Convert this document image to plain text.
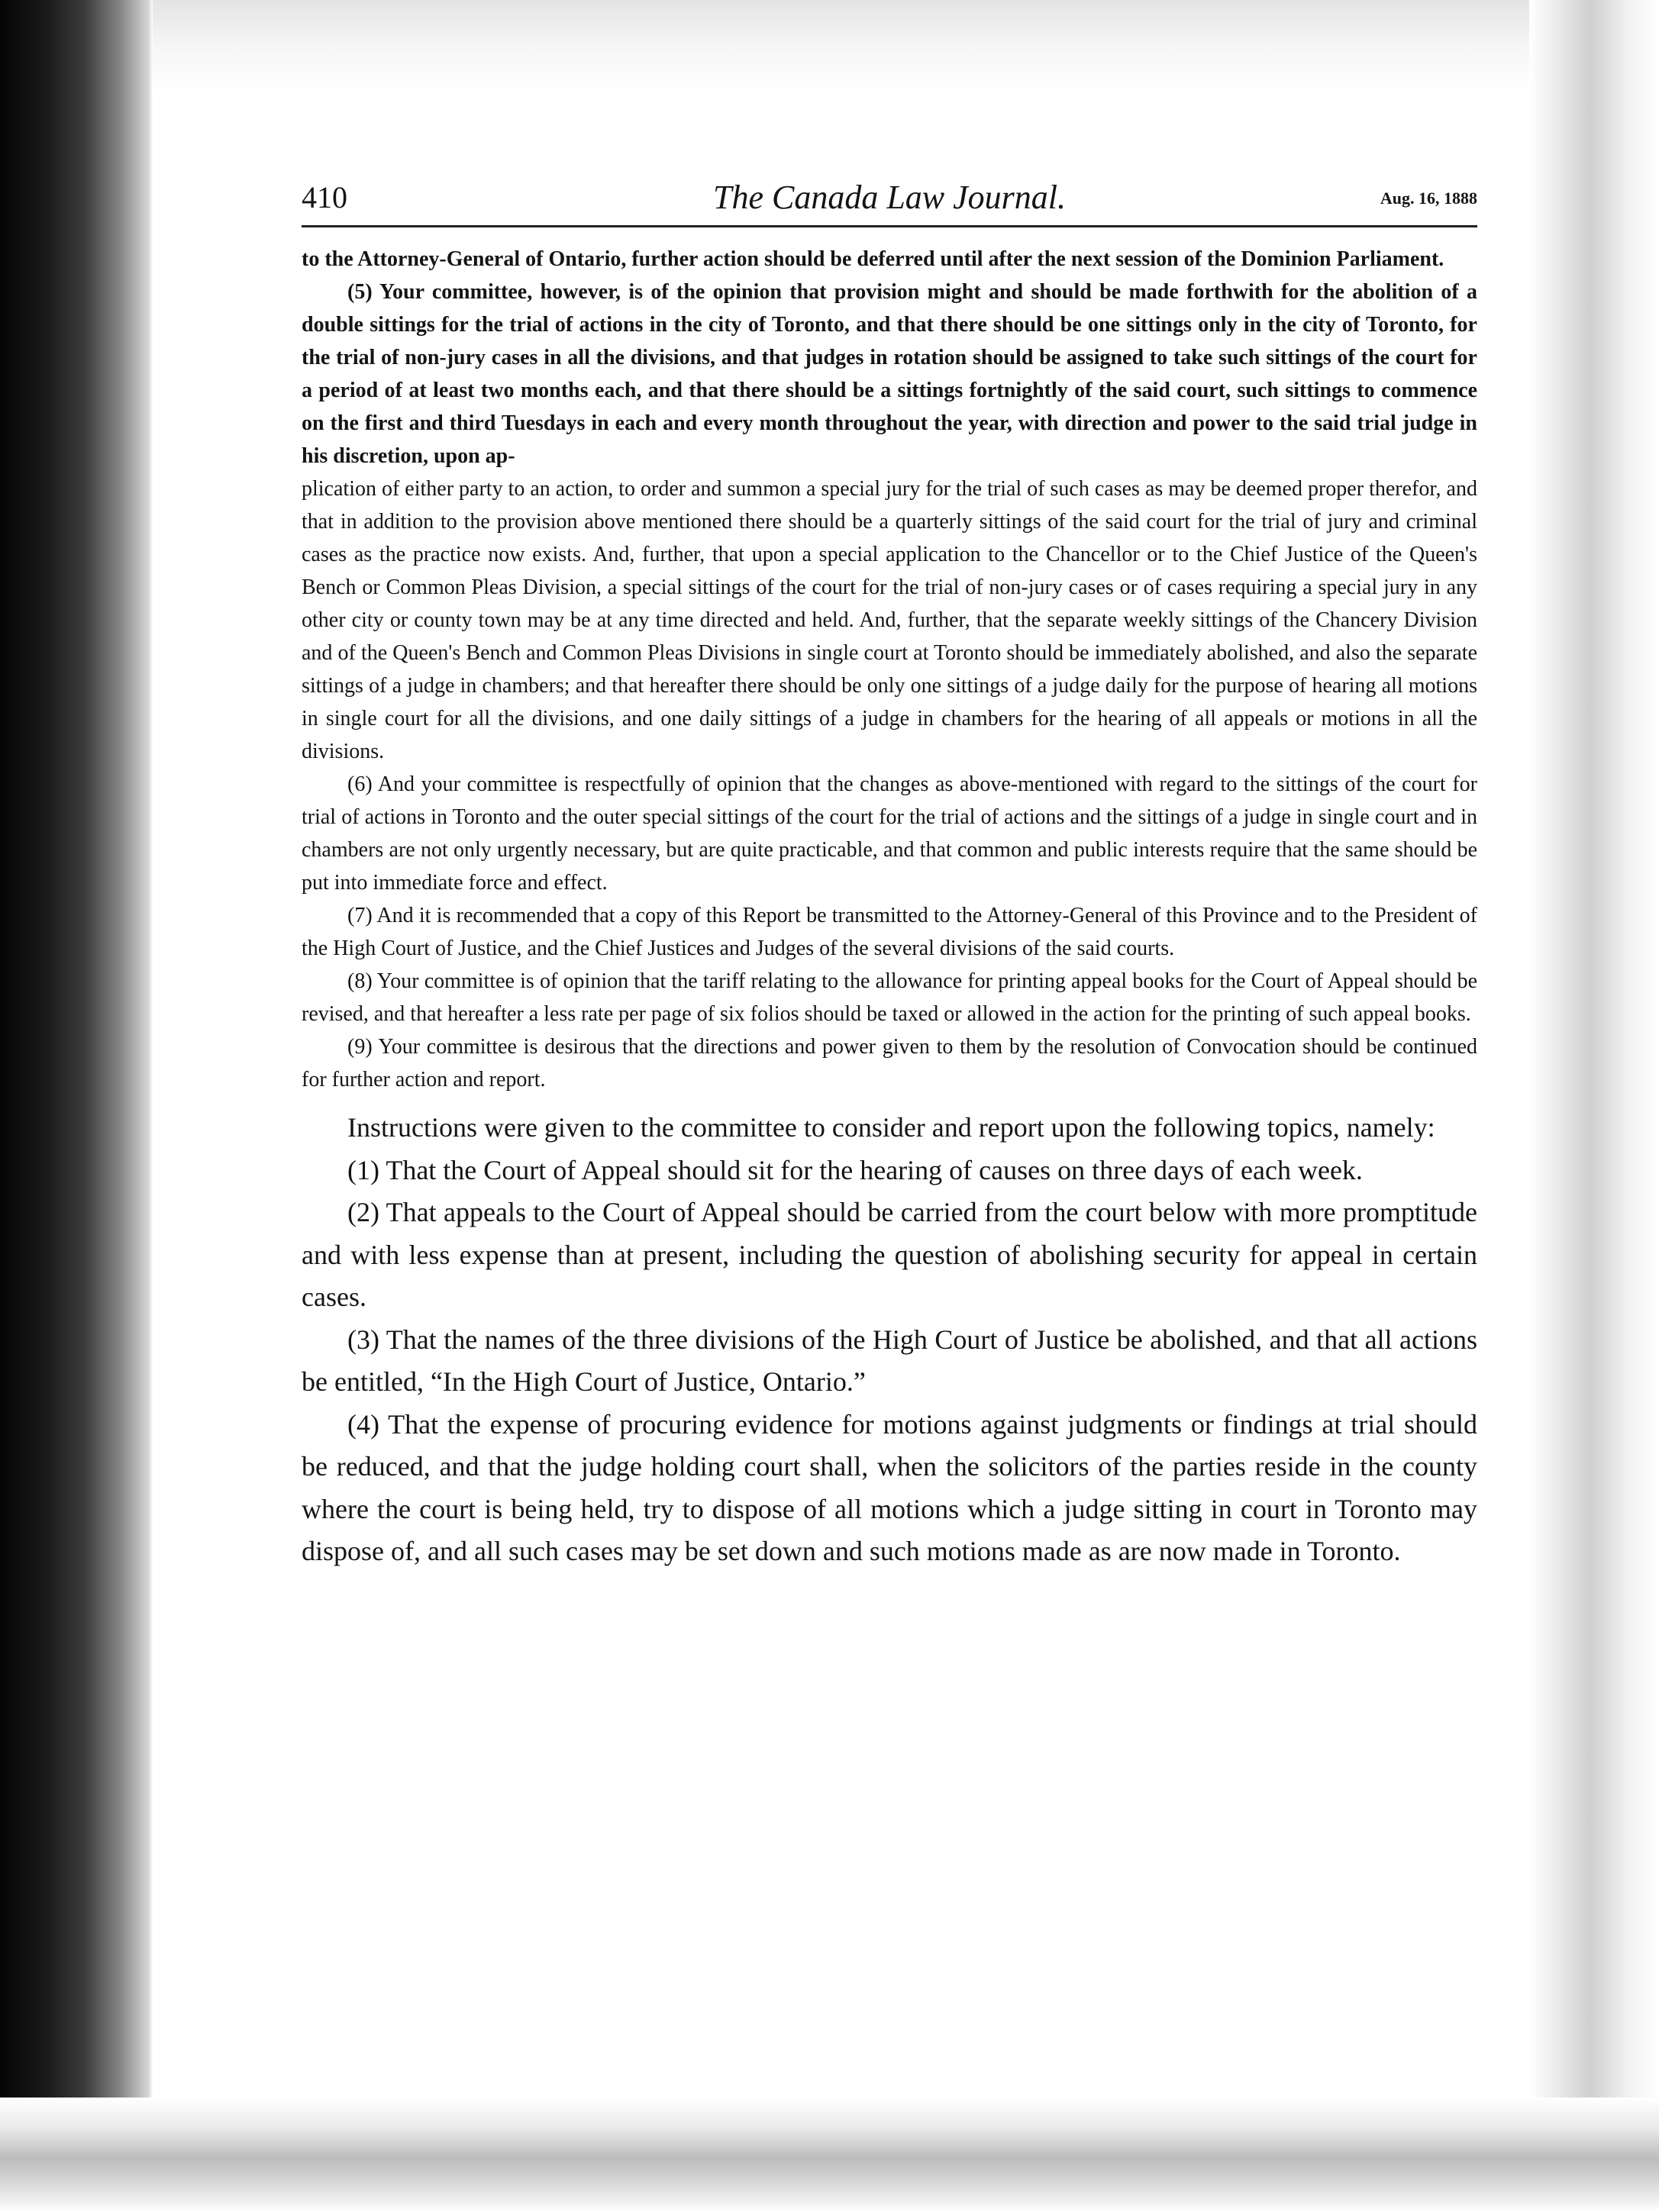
410	The Canada Law Journal.	Aug. 16, 1888

to the Attorney-General of Ontario, further action should be deferred until after the next session of the Dominion Parliament.

(5) Your committee, however, is of the opinion that provision might and should be made forthwith for the abolition of a double sittings for the trial of actions in the city of Toronto, and that there should be one sittings only in the city of Toronto, for the trial of non-jury cases in all the divisions, and that judges in rotation should be assigned to take such sittings of the court for a period of at least two months each, and that there should be a sittings fortnightly of the said court, such sittings to commence on the first and third Tuesdays in each and every month throughout the year, with direction and power to the said trial judge in his discretion, upon ap-

plication of either party to an action, to order and summon a special jury for the trial of such cases as may be deemed proper therefor, and that in addition to the provision above mentioned there should be a quarterly sittings of the said court for the trial of jury and criminal cases as the practice now exists. And, further, that upon a special application to the Chancellor or to the Chief Justice of the Queen's Bench or Common Pleas Division, a special sittings of the court for the trial of non-jury cases or of cases requiring a special jury in any other city or county town may be at any time directed and held. And, further, that the separate weekly sittings of the Chancery Division and of the Queen's Bench and Common Pleas Divisions in single court at Toronto should be immediately abolished, and also the separate sittings of a judge in chambers; and that hereafter there should be only one sittings of a judge daily for the purpose of hearing all motions in single court for all the divisions, and one daily sittings of a judge in chambers for the hearing of all appeals or motions in all the divisions.

(6) And your committee is respectfully of opinion that the changes as above-mentioned with regard to the sittings of the court for trial of actions in Toronto and the outer special sittings of the court for the trial of actions and the sittings of a judge in single court and in chambers are not only urgently necessary, but are quite practicable, and that common and public interests require that the same should be put into immediate force and effect.

(7) And it is recommended that a copy of this Report be transmitted to the Attorney-General of this Province and to the President of the High Court of Justice, and the Chief Justices and Judges of the several divisions of the said courts.

(8) Your committee is of opinion that the tariff relating to the allowance for printing appeal books for the Court of Appeal should be revised, and that hereafter a less rate per page of six folios should be taxed or allowed in the action for the printing of such appeal books.

(9) Your committee is desirous that the directions and power given to them by the resolution of Convocation should be continued for further action and report.

Instructions were given to the committee to consider and report upon the following topics, namely:

(1) That the Court of Appeal should sit for the hearing of causes on three days of each week.

(2) That appeals to the Court of Appeal should be carried from the court below with more promptitude and with less expense than at present, including the question of abolishing security for appeal in certain cases.

(3) That the names of the three divisions of the High Court of Justice be abolished, and that all actions be entitled, “In the High Court of Justice, Ontario.”

(4) That the expense of procuring evidence for motions against judgments or findings at trial should be reduced, and that the judge holding court shall, when the solicitors of the parties reside in the county where the court is being held, try to dispose of all motions which a judge sitting in court in Toronto may dispose of, and all such cases may be set down and such motions made as are now made in Toronto.
